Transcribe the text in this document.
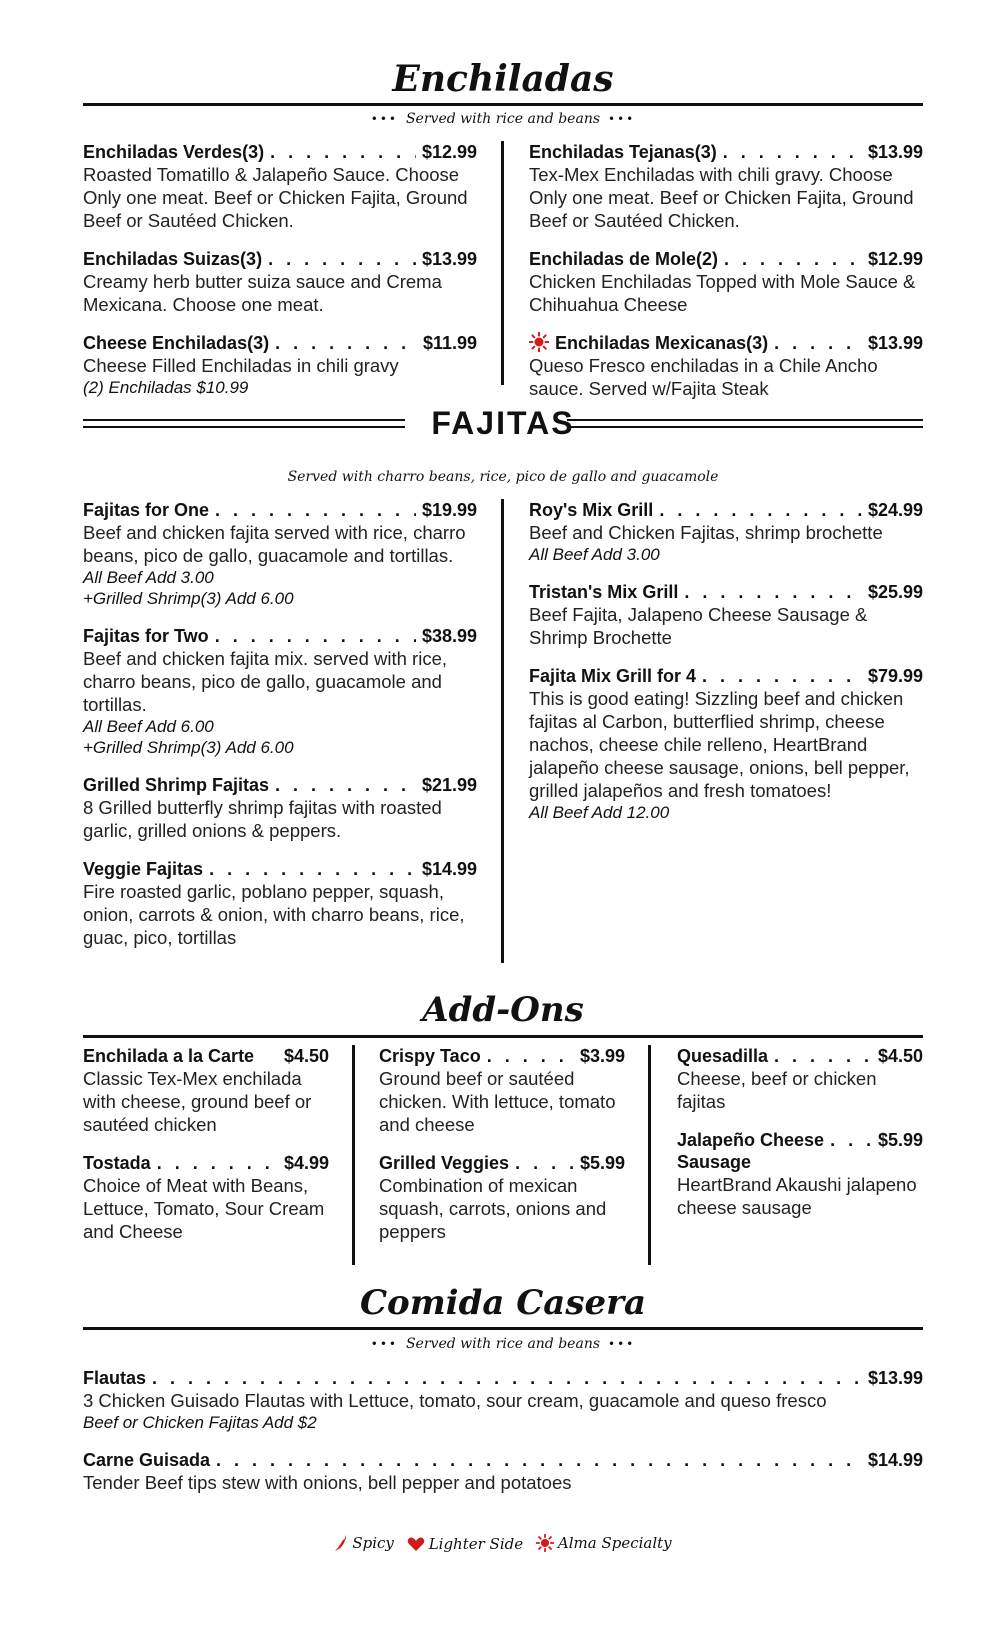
Enchiladas
••• Served with rice and beans •••
Enchiladas Verdes(3) . . .	$12.99
Roasted Tomatillo & Jalapeño Sauce. Choose Only one meat. Beef or Chicken Fajita, Ground Beef or Sautéed Chicken.
Enchiladas Suizas(3) . . .	$13.99
Creamy herb butter suiza sauce and Crema Mexicana. Choose one meat.
Cheese Enchiladas(3) . . .	$11.99
Cheese Filled Enchiladas in chili gravy
(2) Enchiladas $10.99
Enchiladas Tejanas(3) . . .	$13.99
Tex-Mex Enchiladas with chili gravy. Choose Only one meat. Beef or Chicken Fajita, Ground Beef or Sautéed Chicken.
Enchiladas de Mole(2) . . .	$12.99
Chicken Enchiladas Topped with Mole Sauce & Chihuahua Cheese
Enchiladas Mexicanas(3) . . .	$13.99
Queso Fresco enchiladas in a Chile Ancho sauce. Served w/Fajita Steak
FAJITAS
Served with charro beans, rice, pico de gallo and guacamole
Fajitas for One . . .	$19.99
Beef and chicken fajita served with rice, charro beans, pico de gallo, guacamole and tortillas.
All Beef Add 3.00
+Grilled Shrimp(3) Add 6.00
Fajitas for Two . . .	$38.99
Beef and chicken fajita mix. served with rice, charro beans, pico de gallo, guacamole and tortillas.
All Beef Add 6.00
+Grilled Shrimp(3) Add 6.00
Grilled Shrimp Fajitas . . .	$21.99
8 Grilled butterfly shrimp fajitas with roasted garlic, grilled onions & peppers.
Veggie Fajitas . . .	$14.99
Fire roasted garlic, poblano pepper, squash, onion, carrots & onion, with charro beans, rice, guac, pico, tortillas
Roy's Mix Grill . . .	$24.99
Beef and Chicken Fajitas, shrimp brochette
All Beef Add 3.00
Tristan's Mix Grill . . .	$25.99
Beef Fajita, Jalapeno Cheese Sausage & Shrimp Brochette
Fajita Mix Grill for 4 . . .	$79.99
This is good eating! Sizzling beef and chicken fajitas al Carbon, butterflied shrimp, cheese nachos, cheese chile relleno, HeartBrand jalapeño cheese sausage, onions, bell pepper, grilled jalapeños and fresh tomatoes!
All Beef Add 12.00
Add-Ons
Enchilada a la Carte $4.50
Classic Tex-Mex enchilada with cheese, ground beef or sautéed chicken
Tostada . . .	$4.99
Choice of Meat with Beans, Lettuce, Tomato, Sour Cream and Cheese
Crispy Taco . . .	$3.99
Ground beef or sautéed chicken. With lettuce, tomato and cheese
Grilled Veggies . . .	$5.99
Combination of mexican squash, carrots, onions and peppers
Quesadilla . . .	$4.50
Cheese, beef or chicken fajitas
Jalapeño Cheese . . .	$5.99
Sausage
HeartBrand Akaushi jalapeno cheese sausage
Comida Casera
••• Served with rice and beans •••
Flautas . . .	$13.99
3 Chicken Guisado Flautas with Lettuce, tomato, sour cream, guacamole and queso fresco
Beef or Chicken Fajitas Add $2
Carne Guisada . . .	$14.99
Tender Beef tips stew with onions, bell pepper and potatoes
Spicy
Lighter Side
Alma Specialty
